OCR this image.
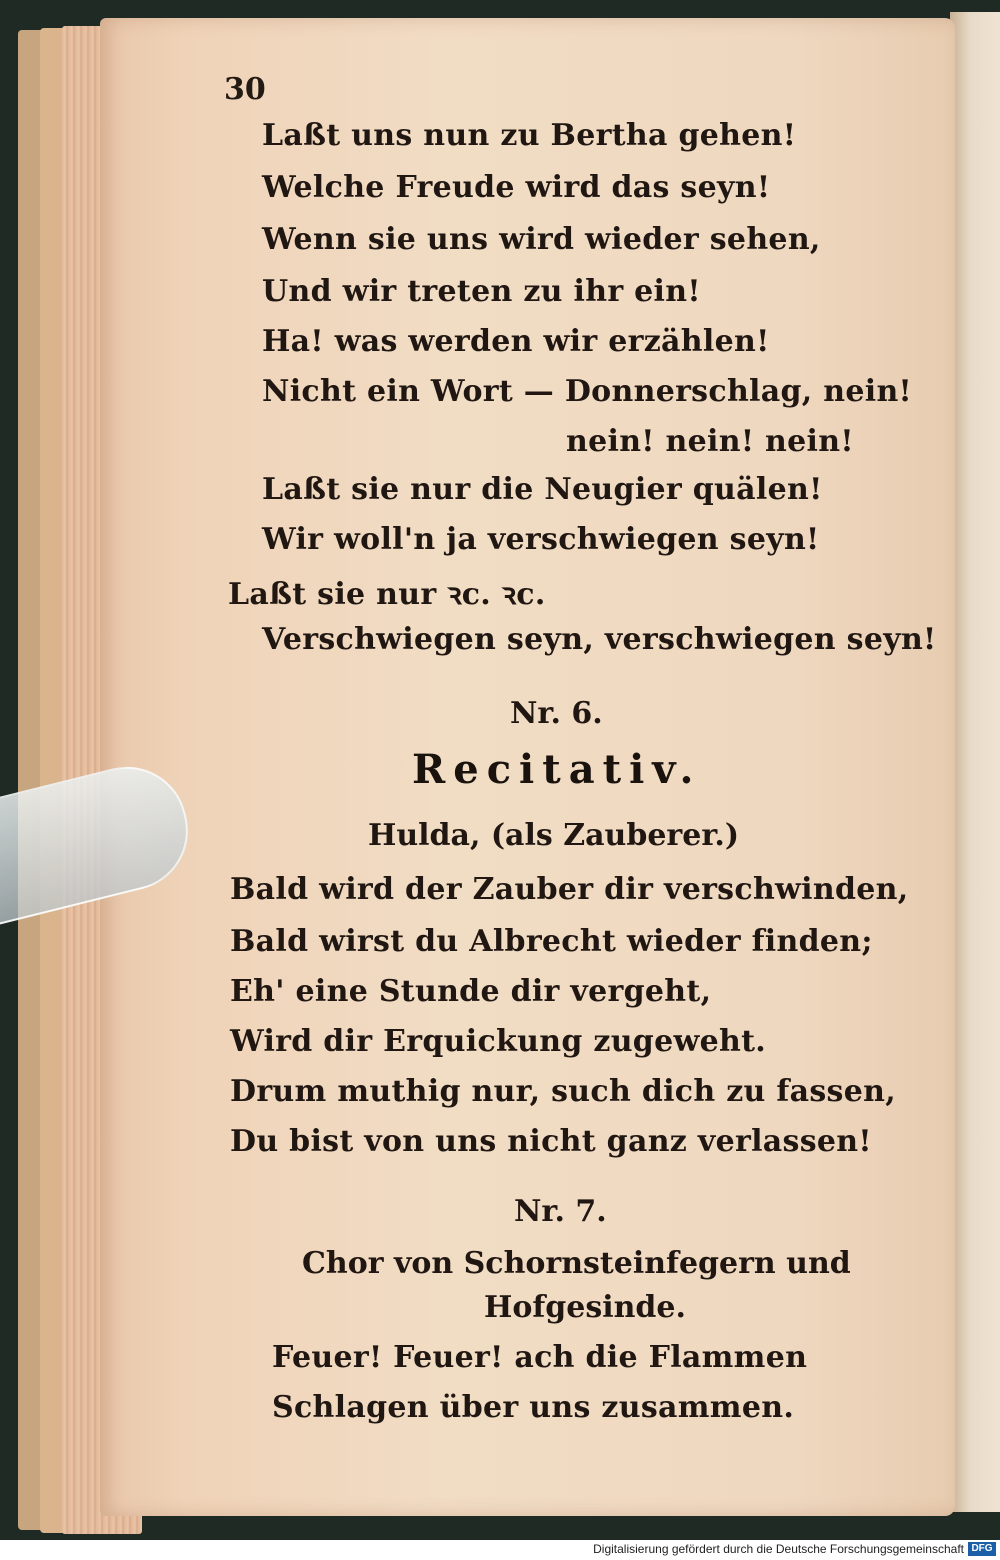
30
Laßt uns nun zu Bertha gehen!
Welche Freude wird das seyn!
Wenn sie uns wird wieder sehen,
Und wir treten zu ihr ein!
Ha! was werden wir erzählen!
Nicht ein Wort — Donnerschlag, nein!
nein! nein! nein!
Laßt sie nur die Neugier quälen!
Wir woll'n ja verschwiegen seyn!
Laßt sie nur ꝛc. ꝛc.
Verschwiegen seyn, verschwiegen seyn!
Nr. 6.
Recitativ.
Hulda, (als Zauberer.)
Bald wird der Zauber dir verschwinden,
Bald wirst du Albrecht wieder finden;
Eh' eine Stunde dir vergeht,
Wird dir Erquickung zugeweht.
Drum muthig nur, such dich zu fassen,
Du bist von uns nicht ganz verlassen!
Nr. 7.
Chor von Schornsteinfegern und
Hofgesinde.
Feuer! Feuer! ach die Flammen
Schlagen über uns zusammen.
Digitalisierung gefördert durch die Deutsche Forschungsgemeinschaft DFG
